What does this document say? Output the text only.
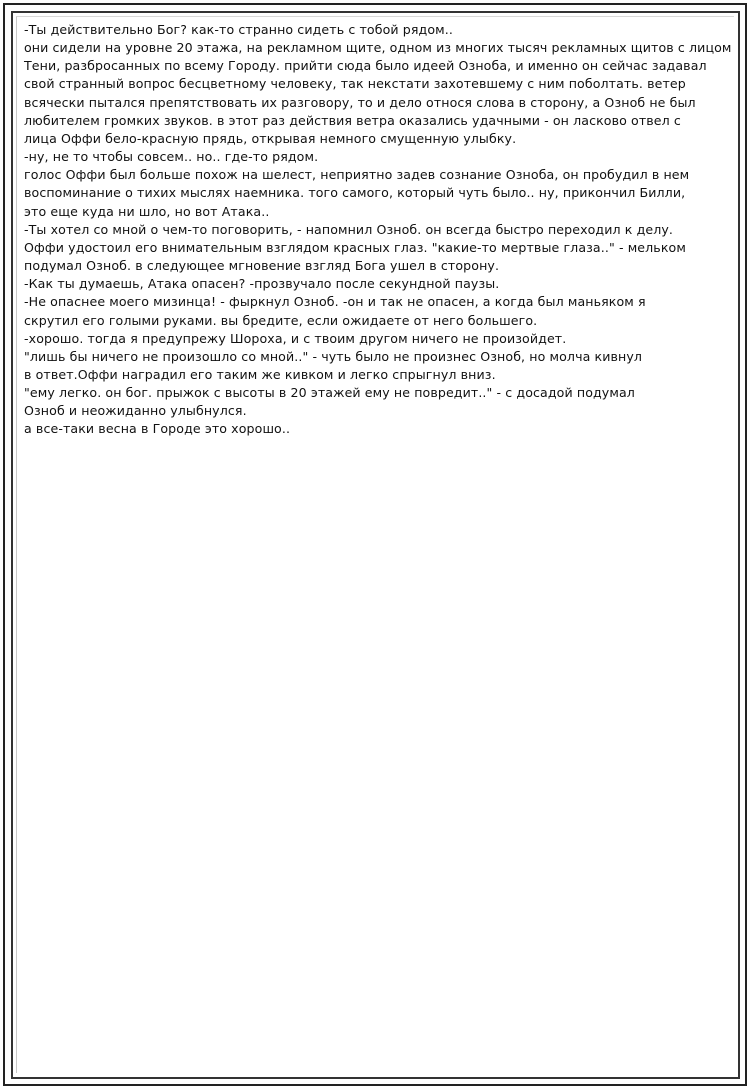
-Ты действительно Бог? как-то странно сидеть с тобой рядом..
они сидели на уровне 20 этажа, на рекламном щите, одном из многих тысяч рекламных щитов с лицом
Тени, разбросанных по всему Городу. прийти сюда было идеей Озноба, и именно он сейчас задавал
свой странный вопрос бесцветному человеку, так некстати захотевшему с ним поболтать. ветер
всячески пытался препятствовать их разговору, то и дело относя слова в сторону, а Озноб не был
любителем громких звуков. в этот раз действия ветра оказались удачными - он ласково отвел с
лица Оффи бело-красную прядь, открывая немного смущенную улыбку.
-ну, не то чтобы совсем.. но.. где-то рядом.
голос Оффи был больше похож на шелест, неприятно задев сознание Озноба, он пробудил в нем
воспоминание о тихих мыслях наемника. того самого, который чуть было.. ну, прикончил Билли,
это еще куда ни шло, но вот Атака..
-Ты хотел со мной о чем-то поговорить, - напомнил Озноб. он всегда быстро переходил к делу.
Оффи удостоил его внимательным взглядом красных глаз. "какие-то мертвые глаза.." - мельком
подумал Озноб. в следующее мгновение взгляд Бога ушел в сторону.
-Как ты думаешь, Атака опасен? -прозвучало после секундной паузы.
-Не опаснее моего мизинца! - фыркнул Озноб. -он и так не опасен, а когда был маньяком я
скрутил его голыми руками. вы бредите, если ожидаете от него большего.
-хорошо. тогда я предупрежу Шороха, и с твоим другом ничего не произойдет.
"лишь бы ничего не произошло со мной.." - чуть было не произнес Озноб, но молча кивнул
в ответ.Оффи наградил его таким же кивком и легко спрыгнул вниз.
"ему легко. он бог. прыжок с высоты в 20 этажей ему не повредит.." - с досадой подумал
Озноб и неожиданно улыбнулся.
а все-таки весна в Городе это хорошо..
